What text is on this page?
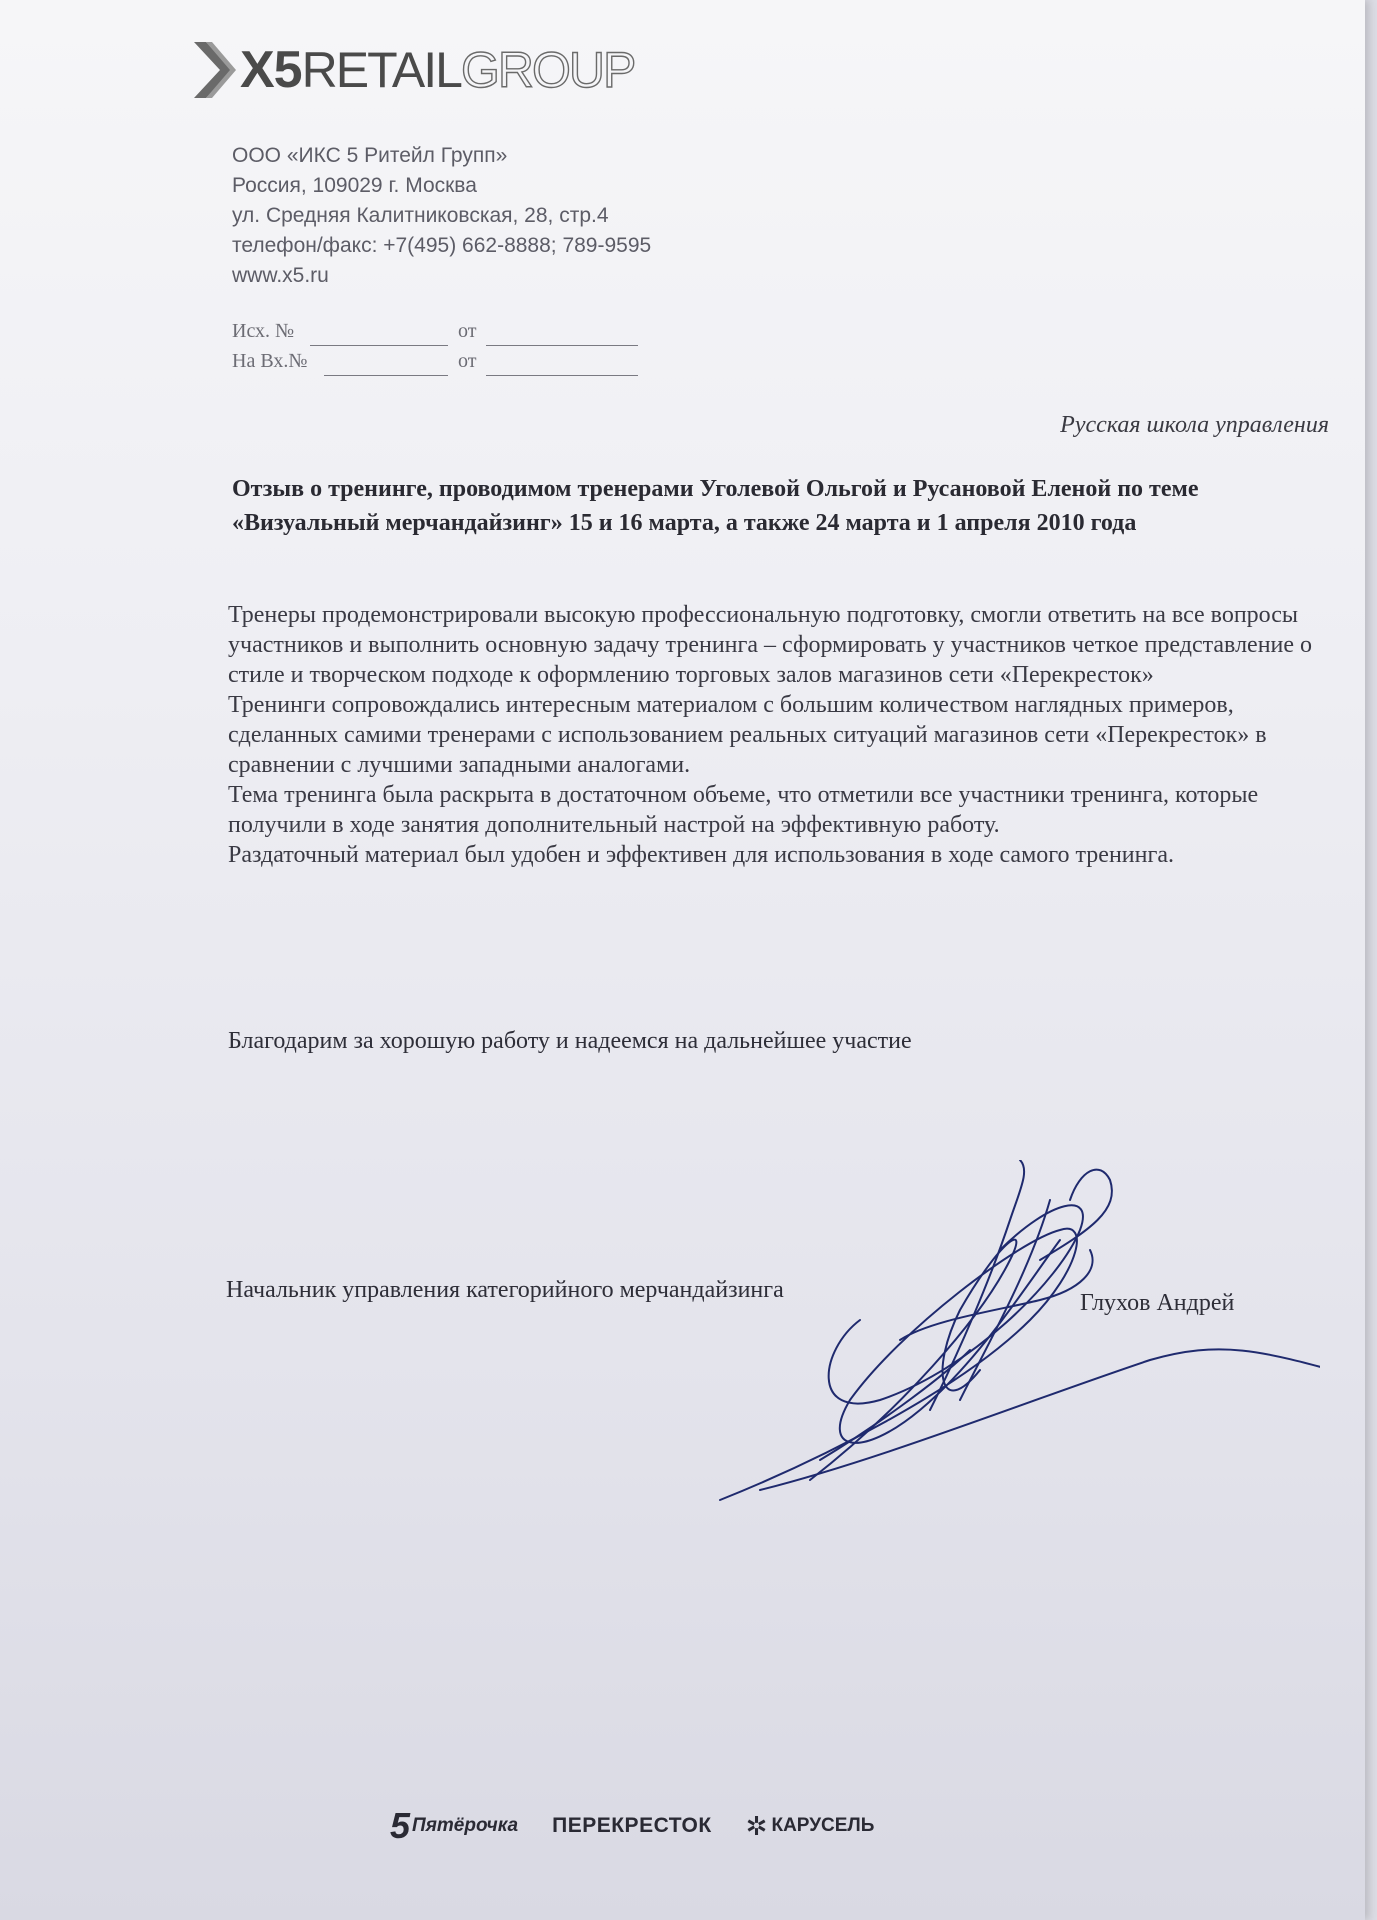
X5 RETAIL GROUP
ООО «ИКС 5 Ритейл Групп»
Россия, 109029 г. Москва
ул. Средняя Калитниковская, 28, стр.4
телефон/факс: +7(495) 662-8888; 789-9595
www.x5.ru
Исх. №	от
На Вх.№	от
Русская школа управления
Отзыв о тренинге, проводимом тренерами Уголевой Ольгой и Русановой Еленой по теме «Визуальный мерчандайзинг» 15 и 16 марта, а также 24 марта и 1 апреля 2010 года

Тренеры продемонстрировали высокую профессиональную подготовку, смогли ответить на все вопросы участников и выполнить основную задачу тренинга – сформировать у участников четкое представление о стиле и творческом подходе к оформлению торговых залов магазинов сети «Перекресток»

Тренинги сопровождались интересным материалом с большим количеством наглядных примеров, сделанных самими тренерами с использованием реальных ситуаций магазинов сети «Перекресток» в сравнении с лучшими западными аналогами.

Тема тренинга была раскрыта в достаточном объеме, что отметили все участники тренинга, которые получили в ходе занятия дополнительный настрой на эффективную работу.

Раздаточный материал был удобен и эффективен для использования в ходе самого тренинга.

Благодарим за хорошую работу и надеемся на дальнейшее участие
Начальник управления категорийного мерчандайзинга	Глухов Андрей
5 Пятёрочка ПЕРЕКРЕСТОК ✲ КАРУСЕЛЬ
